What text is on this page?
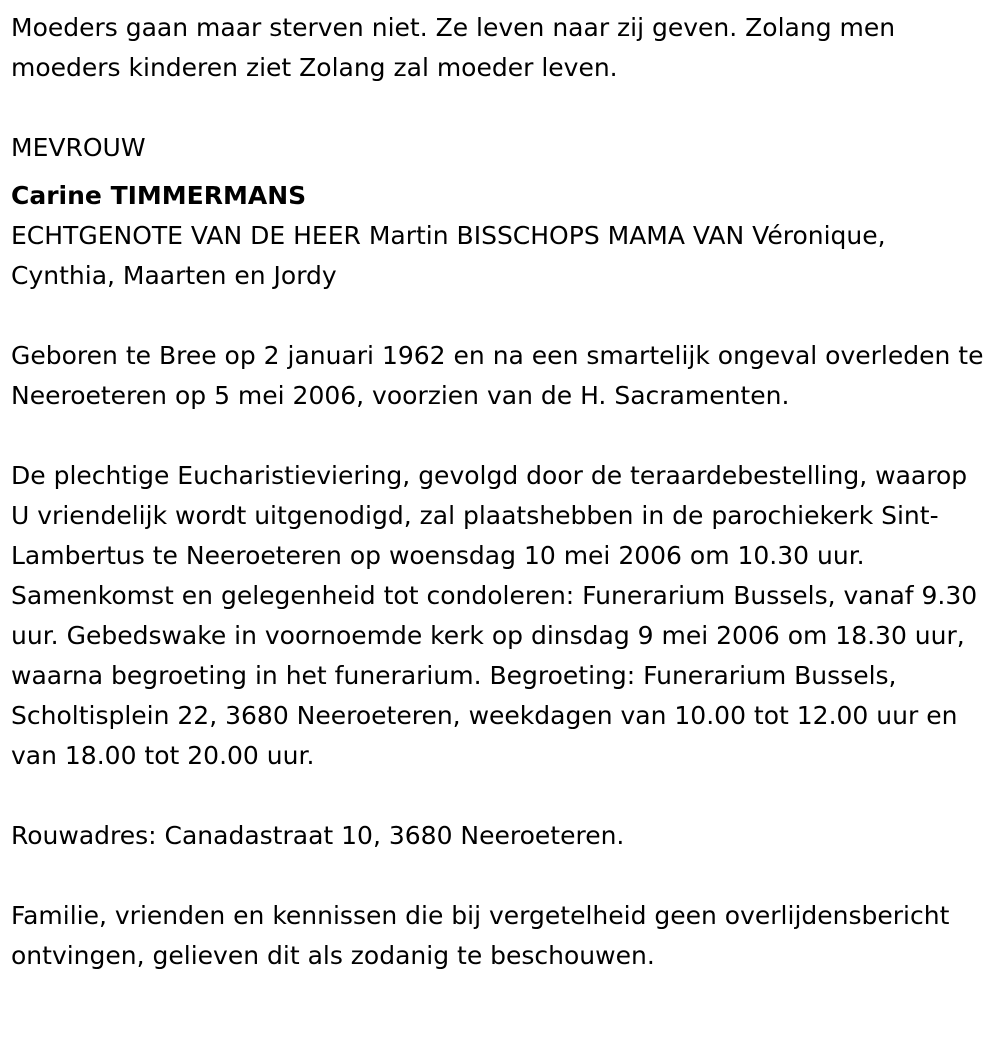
Moeders gaan maar sterven niet. Ze leven naar zij geven. Zolang men moeders kinderen ziet Zolang zal moeder leven.

MEVROUW

Carine TIMMERMANS

ECHTGENOTE VAN DE HEER Martin BISSCHOPS MAMA VAN Véronique, Cynthia, Maarten en Jordy

Geboren te Bree op 2 januari 1962 en na een smartelijk ongeval overleden te Neeroeteren op 5 mei 2006, voorzien van de H. Sacramenten.

De plechtige Eucharistieviering, gevolgd door de teraardebestelling, waarop U vriendelijk wordt uitgenodigd, zal plaatshebben in de parochiekerk Sint-Lambertus te Neeroeteren op woensdag 10 mei 2006 om 10.30 uur. Samenkomst en gelegenheid tot condoleren: Funerarium Bussels, vanaf 9.30 uur. Gebedswake in voornoemde kerk op dinsdag 9 mei 2006 om 18.30 uur, waarna begroeting in het funerarium. Begroeting: Funerarium Bussels, Scholtisplein 22, 3680 Neeroeteren, weekdagen van 10.00 tot 12.00 uur en van 18.00 tot 20.00 uur.

Rouwadres: Canadastraat 10, 3680 Neeroeteren.

Familie, vrienden en kennissen die bij vergetelheid geen overlijdensbericht ontvingen, gelieven dit als zodanig te beschouwen.
